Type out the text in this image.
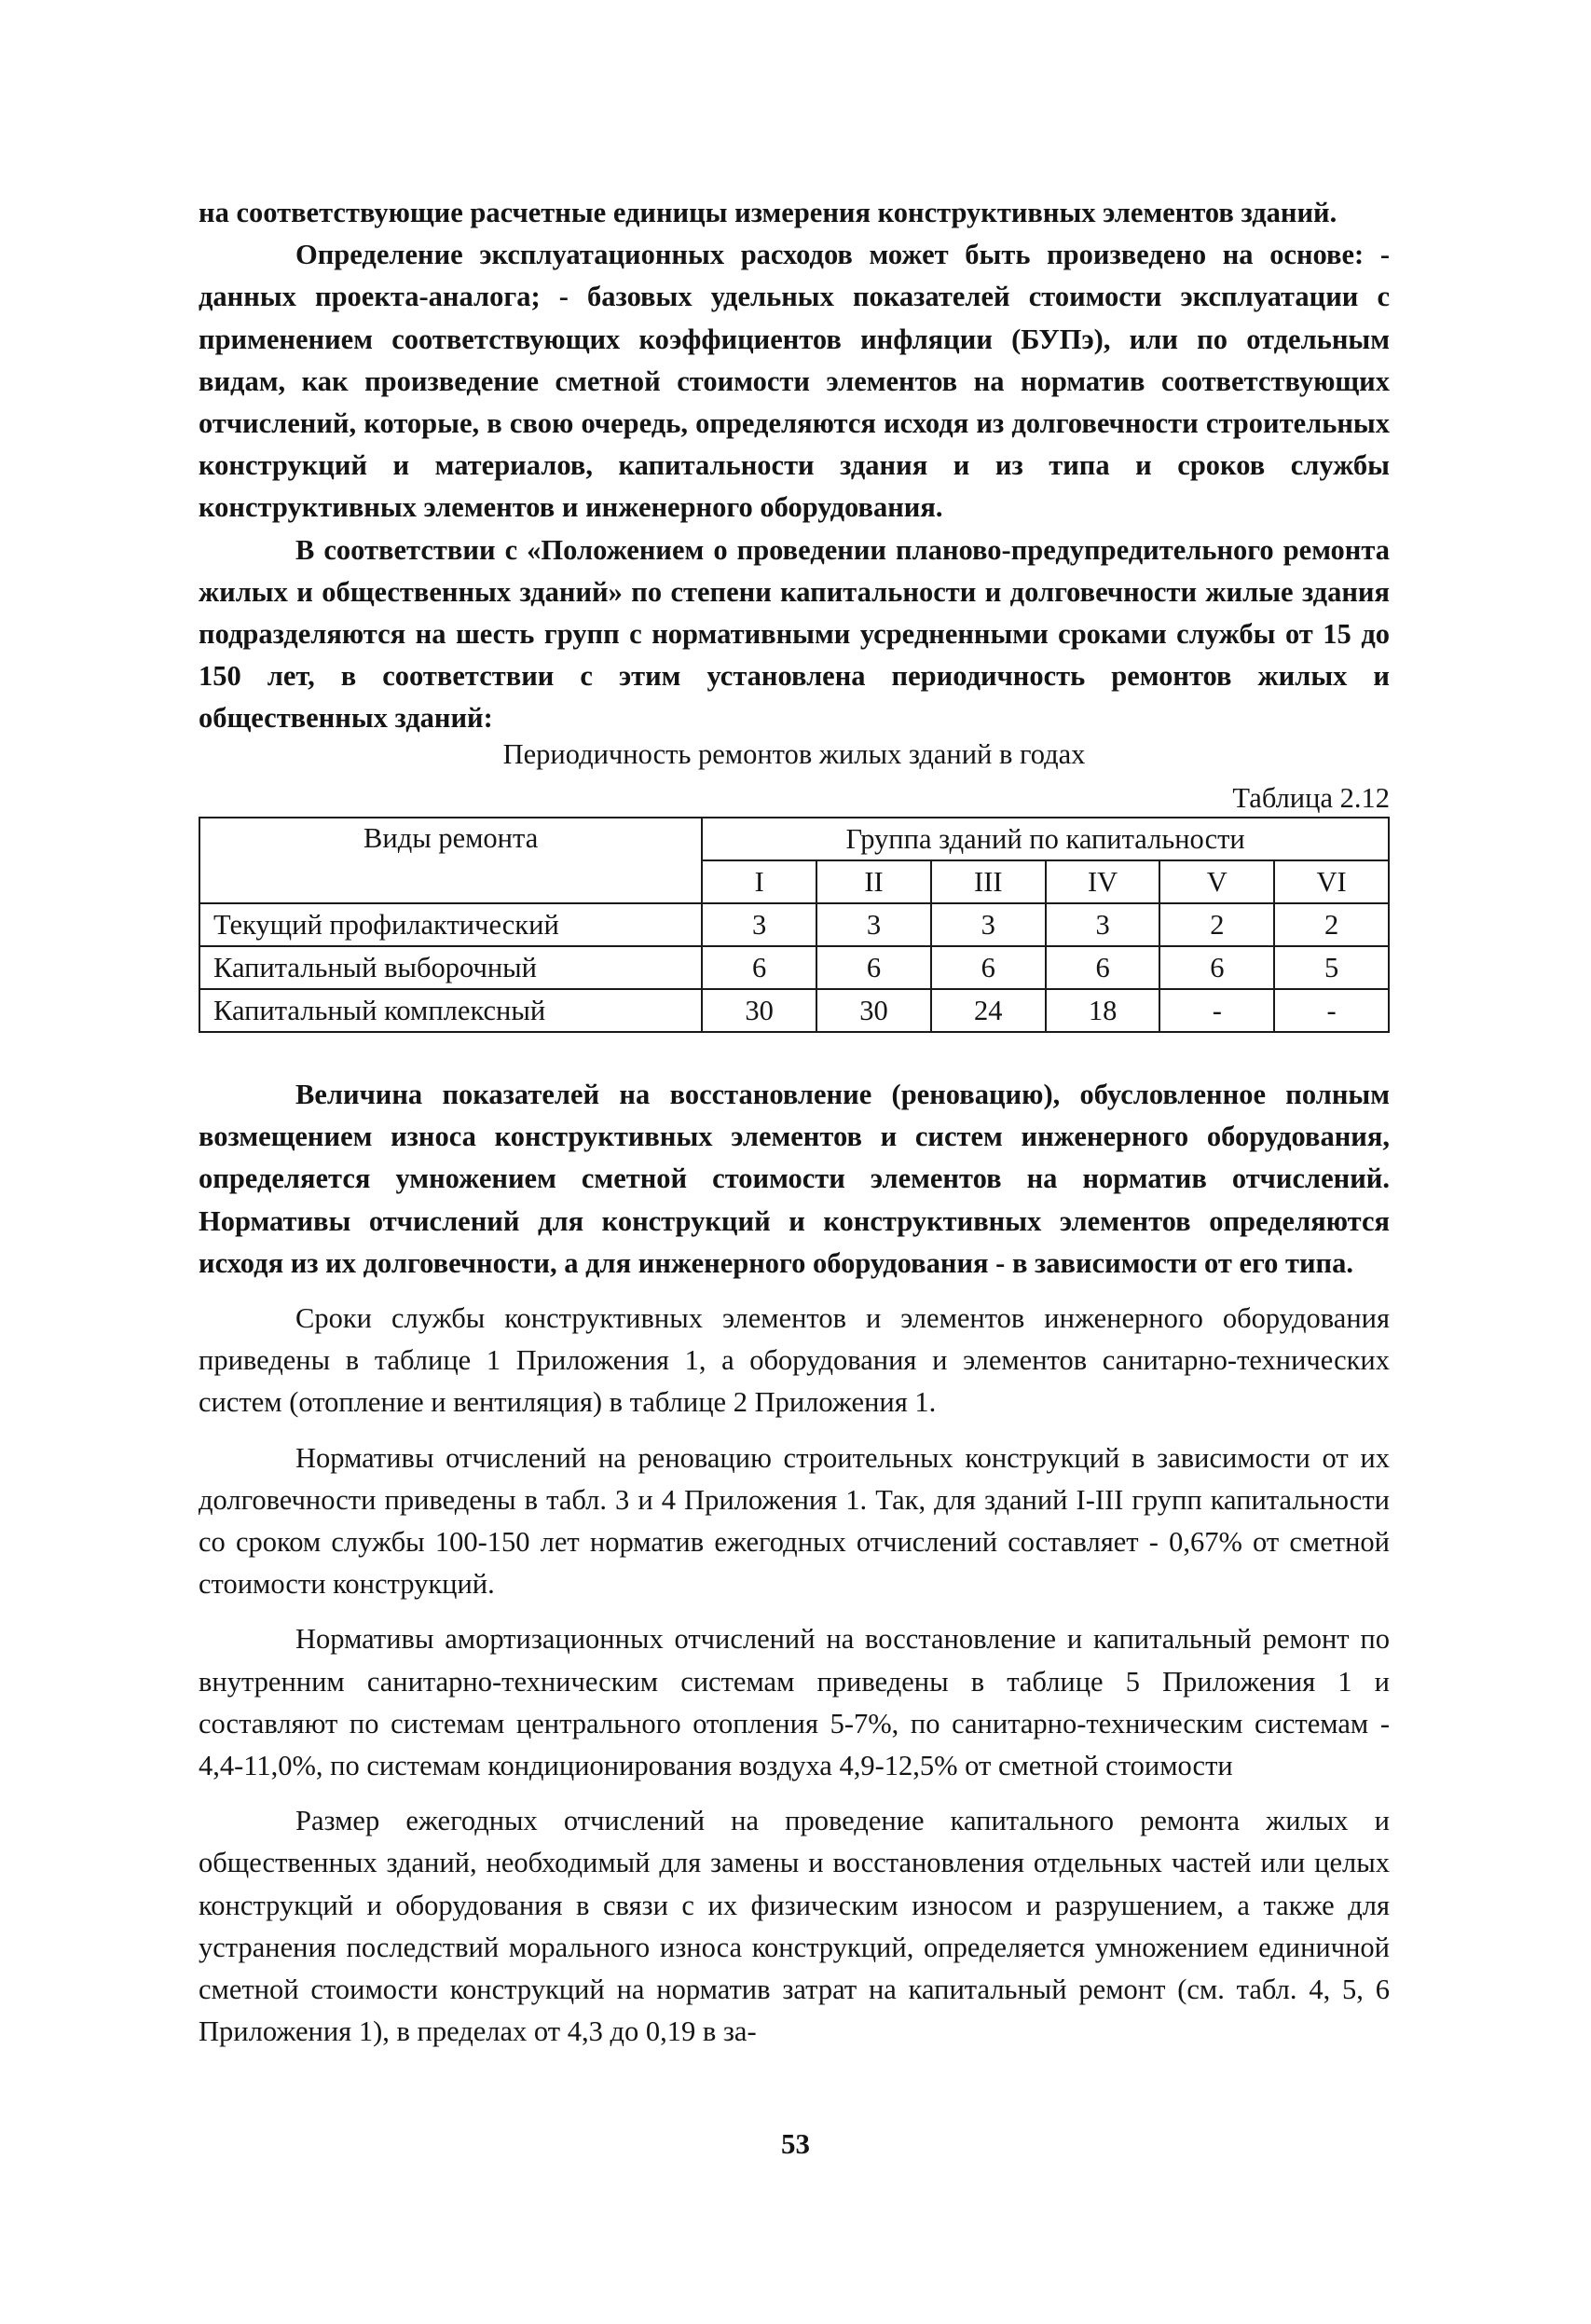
на соответствующие расчетные единицы измерения конструктивных элементов зданий.

Определение эксплуатационных расходов может быть произведено на основе: - данных проекта-аналога; - базовых удельных показателей стоимости эксплуатации с применением соответствующих коэффициентов инфляции (БУПэ), или по отдельным видам, как произведение сметной стоимости элементов на норматив соответствующих отчислений, которые, в свою очередь, определяются исходя из долговечности строительных конструкций и материалов, капитальности здания и из типа и сроков службы конструктивных элементов и инженерного оборудования.

В соответствии с «Положением о проведении планово-предупредительного ремонта жилых и общественных зданий» по степени капитальности и долговечности жилые здания подразделяются на шесть групп с нормативными усредненными сроками службы от 15 до 150 лет, в соответствии с этим установлена периодичность ремонтов жилых и общественных зданий:

Периодичность ремонтов жилых зданий в годах
Таблица 2.12
Виды ремонта	Группа зданий по капитальности					
	I	II	III	IV	V	VI
Текущий профилактический	3	3	3	3	2	2
Капитальный выборочный	6	6	6	6	6	5
Капитальный комплексный	30	30	24	18	-	-

Величина показателей на восстановление (реновацию), обусловленное полным возмещением износа конструктивных элементов и систем инженерного оборудования, определяется умножением сметной стоимости элементов на норматив отчислений. Нормативы отчислений для конструкций и конструктивных элементов определяются исходя из их долговечности, а для инженерного оборудования - в зависимости от его типа.

Сроки службы конструктивных элементов и элементов инженерного оборудования приведены в таблице 1 Приложения 1, а оборудования и элементов санитарно-технических систем (отопление и вентиляция) в таблице 2 Приложения 1.

Нормативы отчислений на реновацию строительных конструкций в зависимости от их долговечности приведены в табл. 3 и 4 Приложения 1. Так, для зданий I-III групп капитальности со сроком службы 100-150 лет норматив ежегодных отчислений составляет - 0,67% от сметной стоимости конструкций.

Нормативы амортизационных отчислений на восстановление и капитальный ремонт по внутренним санитарно-техническим системам приведены в таблице 5 Приложения 1 и составляют по системам центрального отопления 5-7%, по санитарно-техническим системам - 4,4-11,0%, по системам кондиционирования воздуха 4,9-12,5% от сметной стоимости

Размер ежегодных отчислений на проведение капитального ремонта жилых и общественных зданий, необходимый для замены и восстановления отдельных частей или целых конструкций и оборудования в связи с их физическим износом и разрушением, а также для устранения последствий морального износа конструкций, определяется умножением единичной сметной стоимости конструкций на норматив затрат на капитальный ремонт (см. табл. 4, 5, 6 Приложения 1), в пределах от 4,3 до 0,19 в за-

53
